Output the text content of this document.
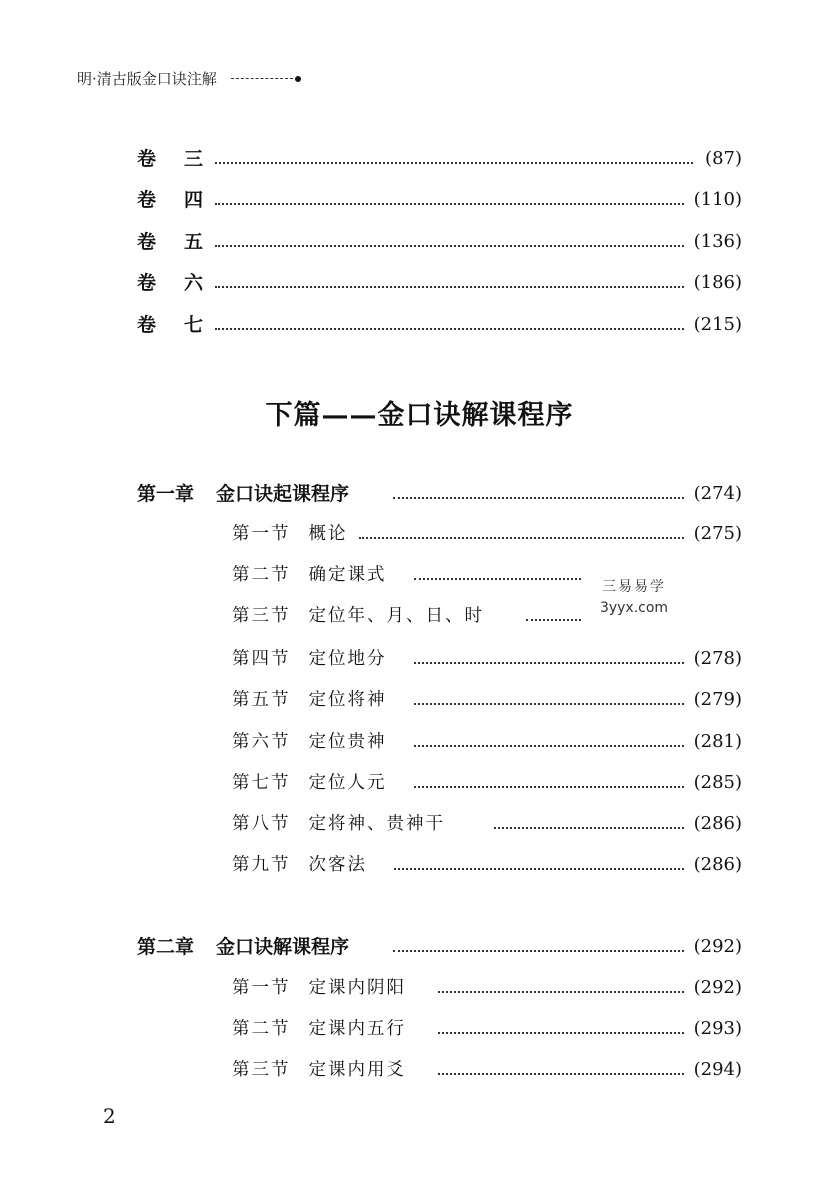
明·清古版金口诀注解
卷 三	(87)
卷 四	(110)
卷 五	(136)
卷 六	(186)
卷 七	(215)
下篇——金口诀解课程序
第一章 金口诀起课程序	(274)
第一节 概论	(275)
第二节 确定课式
第三节 定位年、月、日、时
第四节 定位地分	(278)
第五节 定位将神	(279)
第六节 定位贵神	(281)
第七节 定位人元	(285)
第八节 定将神、贵神干	(286)
第九节 次客法	(286)
第二章 金口诀解课程序	(292)
第一节 定课内阴阳	(292)
第二节 定课内五行	(293)
第三节 定课内用爻	(294)
三易易学
3yyx.com
2
